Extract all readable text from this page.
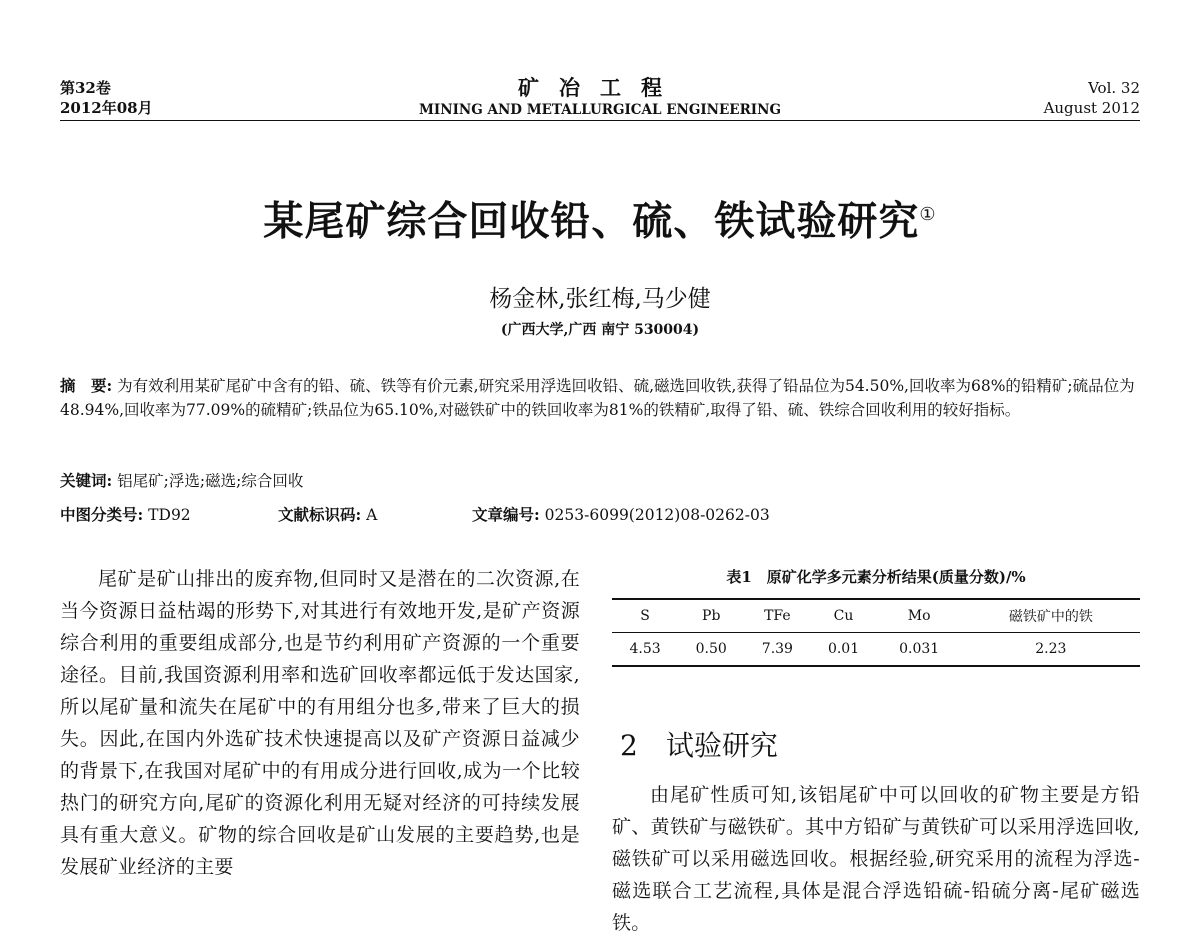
第32卷
2012年08月
矿冶工程
MINING AND METALLURGICAL ENGINEERING
Vol. 32
August 2012
某尾矿综合回收铅、硫、铁试验研究①
杨金林,张红梅,马少健
(广西大学,广西 南宁 530004)

摘　要: 为有效利用某矿尾矿中含有的铅、硫、铁等有价元素,研究采用浮选回收铅、硫,磁选回收铁,获得了铅品位为54.50%,回收率为68%的铅精矿;硫品位为48.94%,回收率为77.09%的硫精矿;铁品位为65.10%,对磁铁矿中的铁回收率为81%的铁精矿,取得了铅、硫、铁综合回收利用的较好指标。

关键词: 铝尾矿;浮选;磁选;综合回收
中图分类号: TD92	文献标识码: A	文章编号: 0253-6099(2012)08-0262-03

尾矿是矿山排出的废弃物,但同时又是潜在的二次资源,在当今资源日益枯竭的形势下,对其进行有效地开发,是矿产资源综合利用的重要组成部分,也是节约利用矿产资源的一个重要途径。目前,我国资源利用率和选矿回收率都远低于发达国家,所以尾矿量和流失在尾矿中的有用组分也多,带来了巨大的损失。因此,在国内外选矿技术快速提高以及矿产资源日益减少的背景下,在我国对尾矿中的有用成分进行回收,成为一个比较热门的研究方向,尾矿的资源化利用无疑对经济的可持续发展具有重大意义。矿物的综合回收是矿山发展的主要趋势,也是发展矿业经济的主要

表1　原矿化学多元素分析结果(质量分数)/%
S	Pb	TFe	Cu	Mo	磁铁矿中的铁
4.53	0.50	7.39	0.01	0.031	2.23
2 试验研究

由尾矿性质可知,该铝尾矿中可以回收的矿物主要是方铅矿、黄铁矿与磁铁矿。其中方铅矿与黄铁矿可以采用浮选回收,磁铁矿可以采用磁选回收。根据经验,研究采用的流程为浮选-磁选联合工艺流程,具体是混合浮选铅硫-铅硫分离-尾矿磁选铁。
